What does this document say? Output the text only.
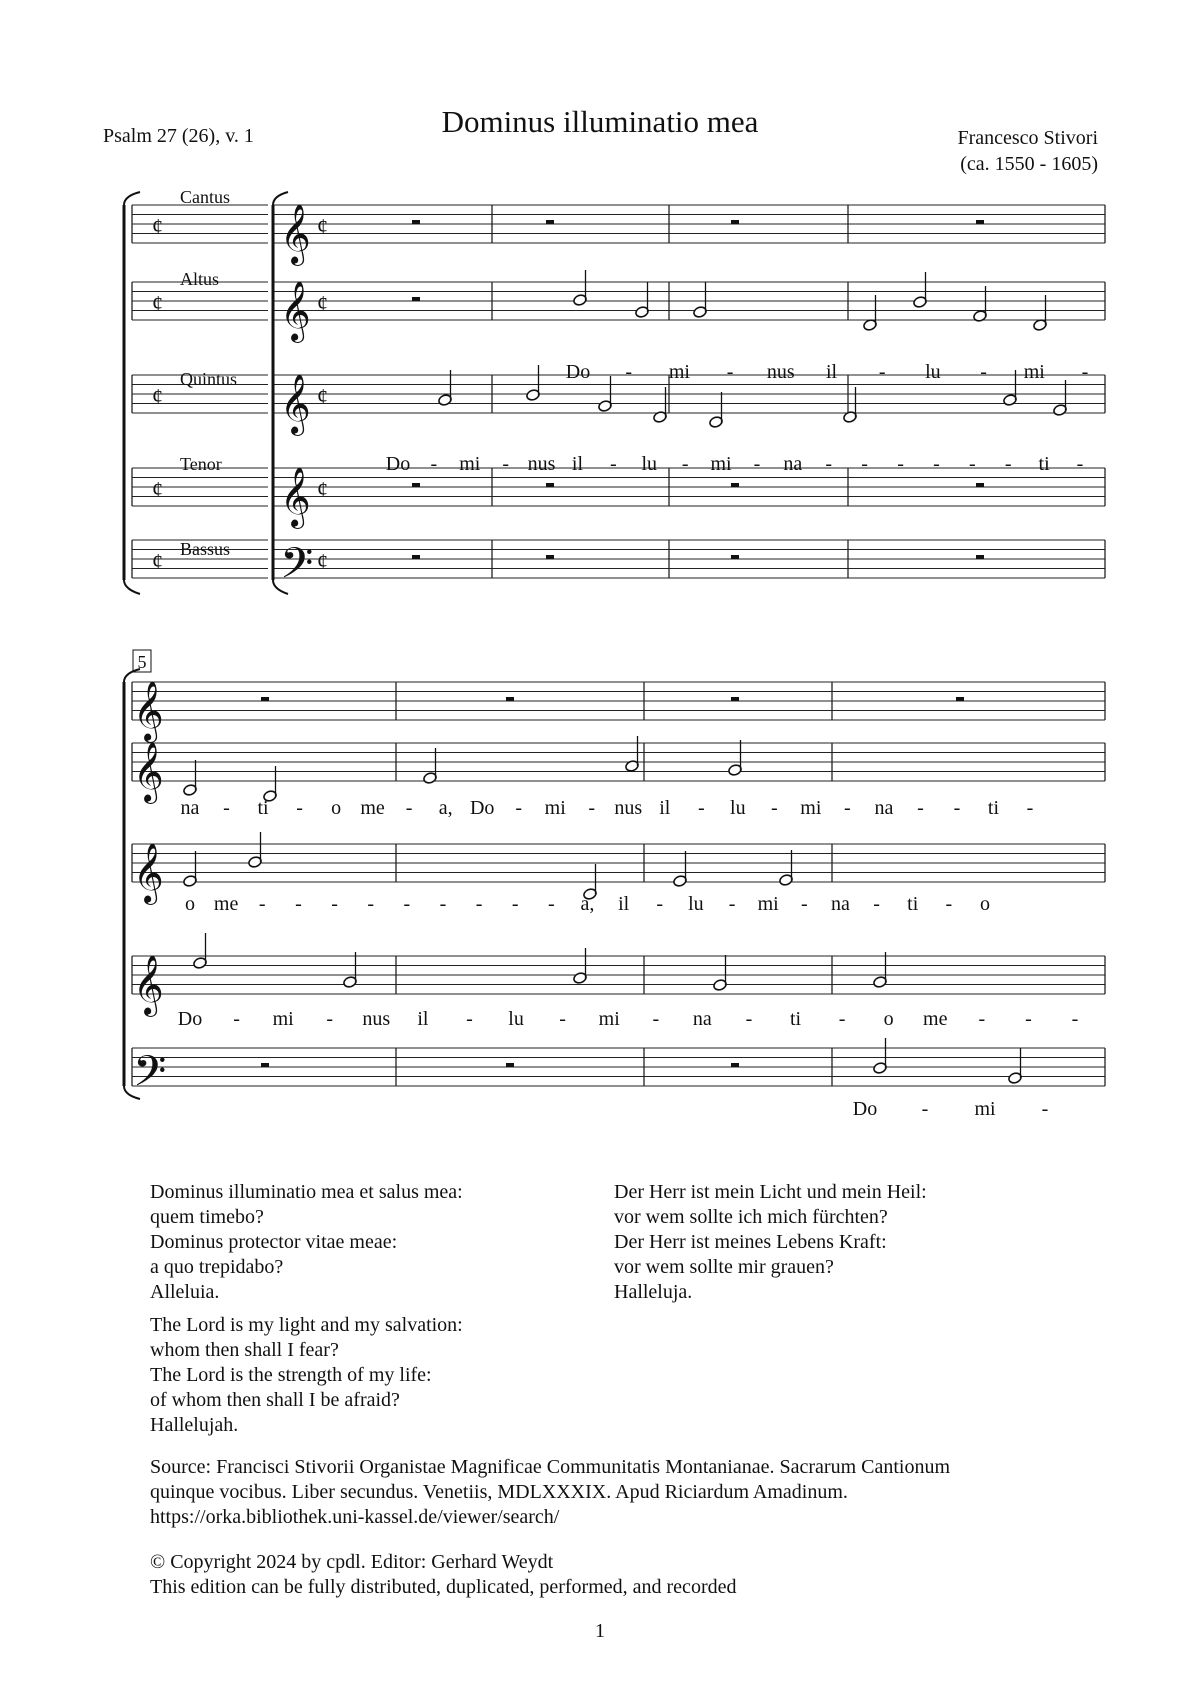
Dominus illuminatio mea
Psalm 27 (26), v. 1	Francesco Stivori
(ca. 1550 - 1605)
Cantus
Altus
Quintus
Tenor
Bassus
𝄞 ¢
¢
𝄞 ¢
¢
𝄞 ¢
¢
𝄞 ¢
¢
𝄢 ¢
¢
Do - mi - nus il - lu - mi -
Do - mi - nus il - lu - mi - na - - - - - - ti -
𝄞
𝄞
𝄞
𝄞
𝄢
5
na - ti - o me - a, Do - mi - nus il - lu - mi - na - - ti -
o me - - - - - - - - - a, il - lu - mi - na - ti - o
Do - mi - nus il - lu - mi - na - ti - o me - - -
Do - mi -
Dominus illuminatio mea et salus mea:
quem timebo?
Dominus protector vitae meae:
a quo trepidabo?
Alleluia.
Der Herr ist mein Licht und mein Heil:
vor wem sollte ich mich fürchten?
Der Herr ist meines Lebens Kraft:
vor wem sollte mir grauen?
Halleluja.
The Lord is my light and my salvation:
whom then shall I fear?
The Lord is the strength of my life:
of whom then shall I be afraid?
Hallelujah.
Source: Francisci Stivorii Organistae Magnificae Communitatis Montanianae. Sacrarum Cantionum
quinque vocibus. Liber secundus. Venetiis, MDLXXXIX. Apud Riciardum Amadinum.
https://orka.bibliothek.uni-kassel.de/viewer/search/
© Copyright 2024 by cpdl. Editor: Gerhard Weydt
This edition can be fully distributed, duplicated, performed, and recorded
1
